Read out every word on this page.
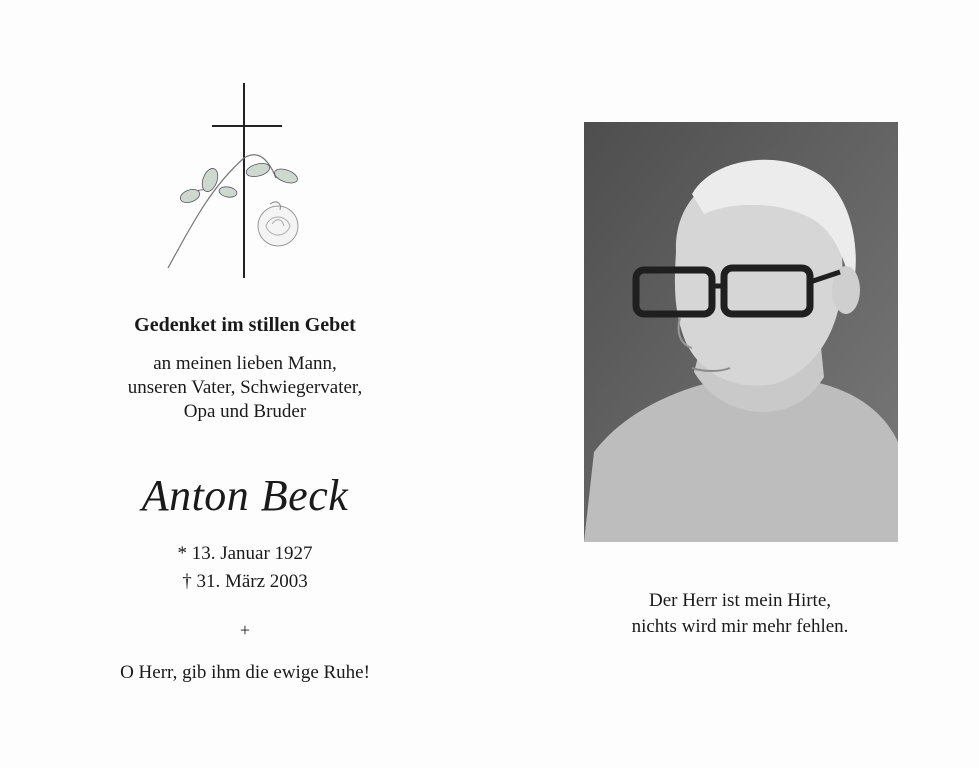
Gedenket im stillen Gebet
an meinen lieben Mann,
unseren Vater, Schwiegervater,
Opa und Bruder
Anton Beck
* 13. Januar 1927
† 31. März 2003
+
O Herr, gib ihm die ewige Ruhe!
Der Herr ist mein Hirte,
nichts wird mir mehr fehlen.
